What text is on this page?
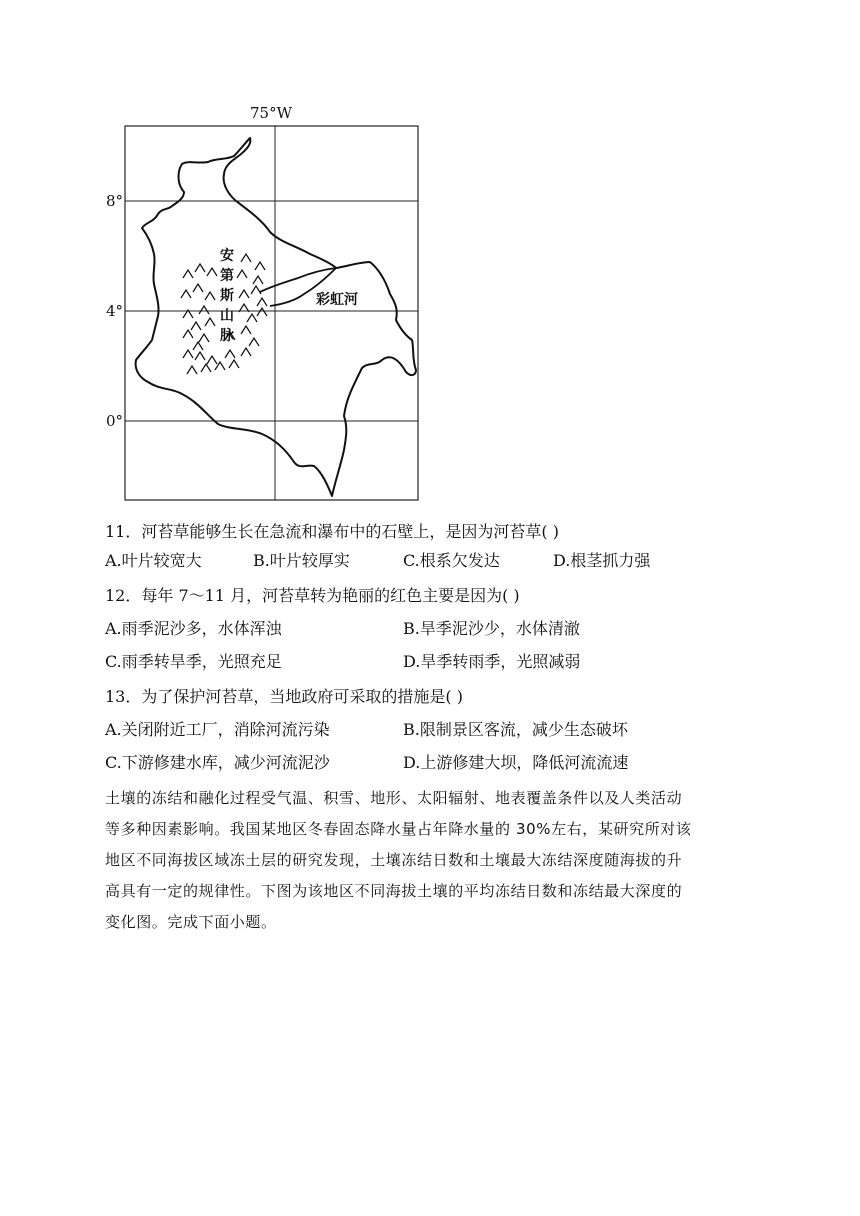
75°W
8°
4°
0°
安
第
斯
山
脉
彩虹河
11．河苔草能够生长在急流和瀑布中的石壁上，是因为河苔草( )
A.叶片较宽大	B.叶片较厚实	C.根系欠发达	D.根茎抓力强
12．每年 7～11 月，河苔草转为艳丽的红色主要是因为( )
A.雨季泥沙多，水体浑浊	B.旱季泥沙少，水体清澈
C.雨季转旱季，光照充足	D.旱季转雨季，光照减弱
13．为了保护河苔草，当地政府可采取的措施是( )
A.关闭附近工厂，消除河流污染	B.限制景区客流，减少生态破坏
C.下游修建水库，减少河流泥沙	D.上游修建大坝，降低河流流速
土壤的冻结和融化过程受气温、积雪、地形、太阳辐射、地表覆盖条件以及人类活动
等多种因素影响。我国某地区冬春固态降水量占年降水量的 30%左右，某研究所对该
地区不同海拔区域冻土层的研究发现，土壤冻结日数和土壤最大冻结深度随海拔的升
高具有一定的规律性。下图为该地区不同海拔土壤的平均冻结日数和冻结最大深度的
变化图。完成下面小题。
